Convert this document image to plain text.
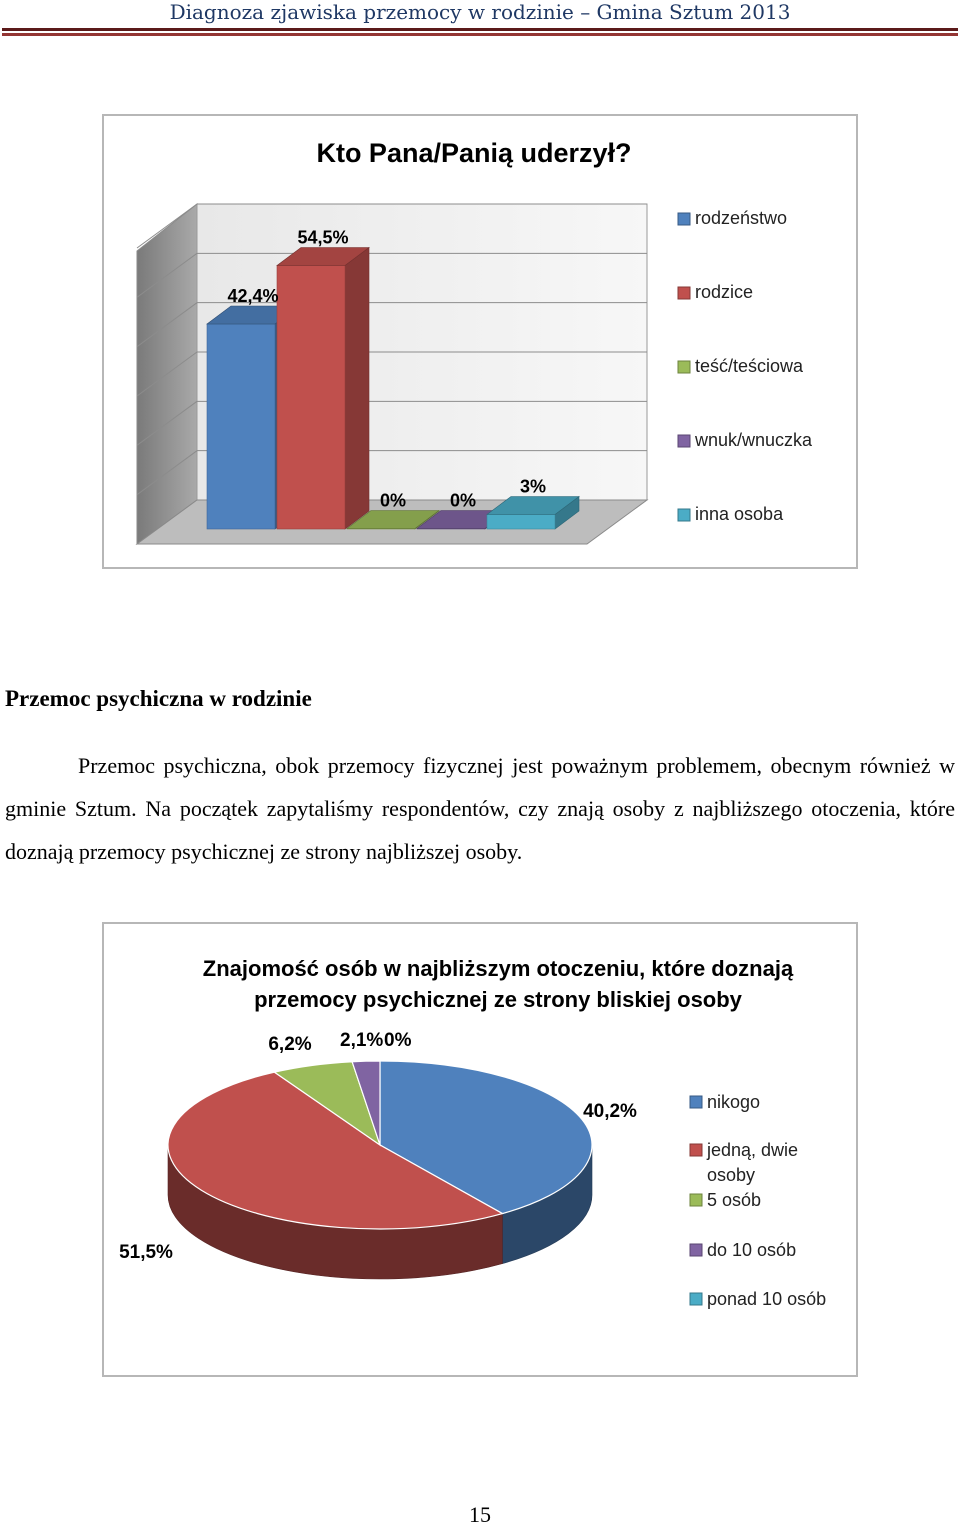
Diagnoza zjawiska przemocy w rodzinie – Gmina Sztum 2013
42,4%
54,5%
0% 0%
3%
Kto Pana/Panią uderzył?
rodzeństwo
rodzice
teść/teściowa
wnuk/wnuczka
inna osoba
Przemoc psychiczna w rodzinie

Przemoc psychiczna, obok przemocy fizycznej jest poważnym problemem, obecnym również w gminie Sztum. Na początek zapytaliśmy respondentów, czy znają osoby z najbliższego otoczenia, które doznają przemocy psychicznej ze strony najbliższej osoby.

Znajomość osób w najbliższym otoczeniu, które doznają
przemocy psychicznej ze strony bliskiej osoby
40,2%
51,5%
6,2% 2,1% 0%
nikogo
jedną, dwie
osoby
5 osób
do 10 osób
ponad 10 osób
15
